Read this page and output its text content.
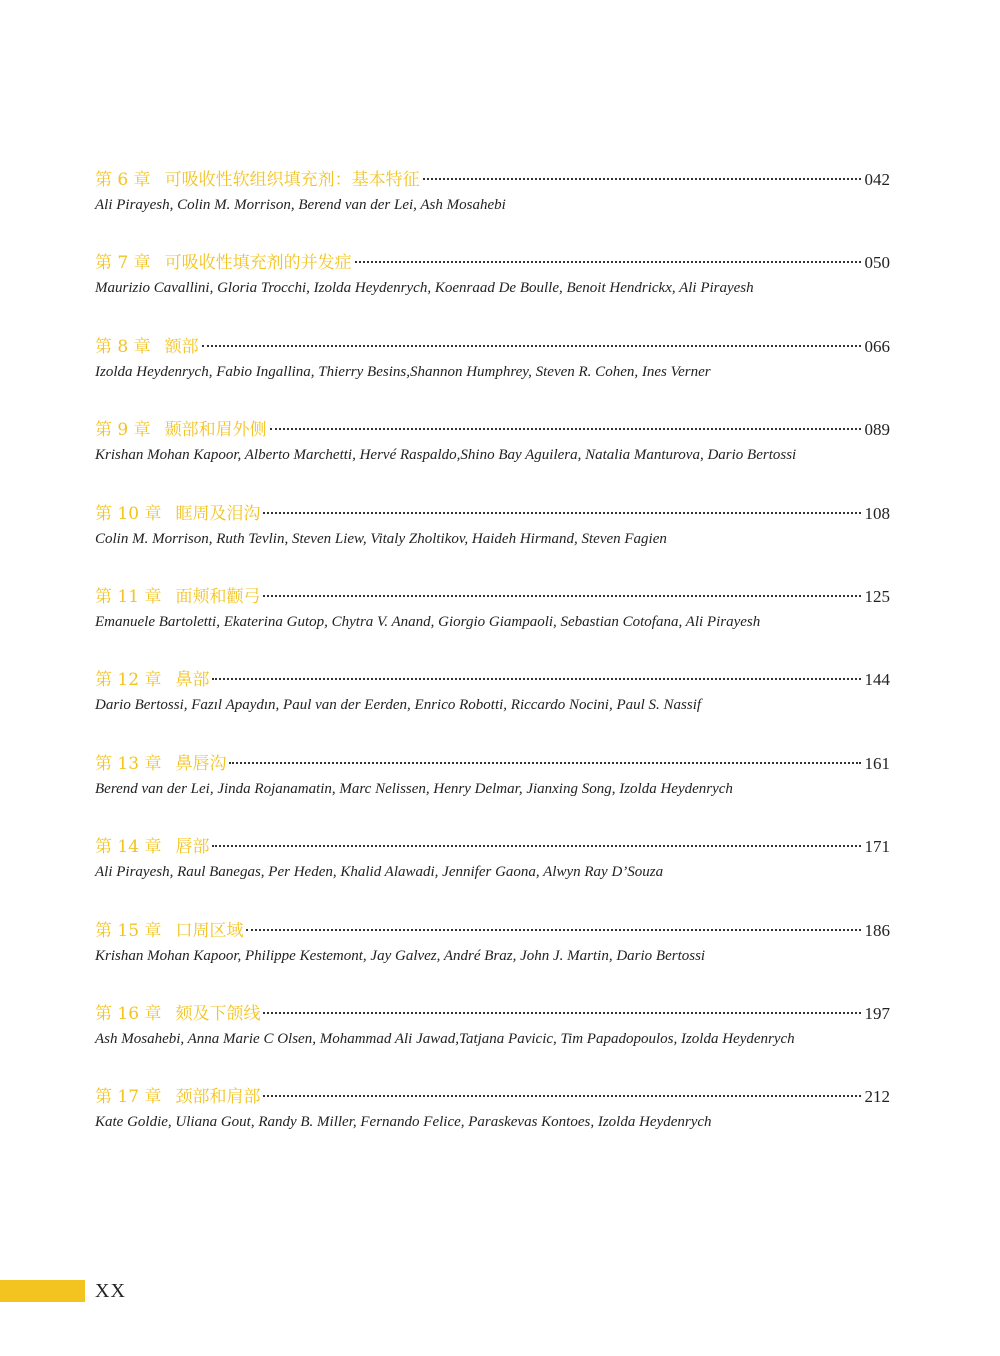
第 6 章 可吸收性软组织填充剂：基本特征	042
Ali Pirayesh, Colin M. Morrison, Berend van der Lei, Ash Mosahebi
第 7 章 可吸收性填充剂的并发症	050
Maurizio Cavallini, Gloria Trocchi, Izolda Heydenrych, Koenraad De Boulle, Benoit Hendrickx, Ali Pirayesh
第 8 章 额部	066
Izolda Heydenrych, Fabio Ingallina, Thierry Besins,Shannon Humphrey, Steven R. Cohen, Ines Verner
第 9 章 颞部和眉外侧	089
Krishan Mohan Kapoor, Alberto Marchetti, Hervé Raspaldo,Shino Bay Aguilera, Natalia Manturova, Dario Bertossi
第 10 章 眶周及泪沟	108
Colin M. Morrison, Ruth Tevlin, Steven Liew, Vitaly Zholtikov, Haideh Hirmand, Steven Fagien
第 11 章 面颊和颧弓	125
Emanuele Bartoletti, Ekaterina Gutop, Chytra V. Anand, Giorgio Giampaoli, Sebastian Cotofana, Ali Pirayesh
第 12 章 鼻部	144
Dario Bertossi, Fazıl Apaydın, Paul van der Eerden, Enrico Robotti, Riccardo Nocini, Paul S. Nassif
第 13 章 鼻唇沟	161
Berend van der Lei, Jinda Rojanamatin, Marc Nelissen, Henry Delmar, Jianxing Song, Izolda Heydenrych
第 14 章 唇部	171
Ali Pirayesh, Raul Banegas, Per Heden, Khalid Alawadi, Jennifer Gaona, Alwyn Ray D’Souza
第 15 章 口周区域	186
Krishan Mohan Kapoor, Philippe Kestemont, Jay Galvez, André Braz, John J. Martin, Dario Bertossi
第 16 章 颏及下颌线	197
Ash Mosahebi, Anna Marie C Olsen, Mohammad Ali Jawad,Tatjana Pavicic, Tim Papadopoulos, Izolda Heydenrych
第 17 章 颈部和肩部	212
Kate Goldie, Uliana Gout, Randy B. Miller, Fernando Felice, Paraskevas Kontoes, Izolda Heydenrych
XX
